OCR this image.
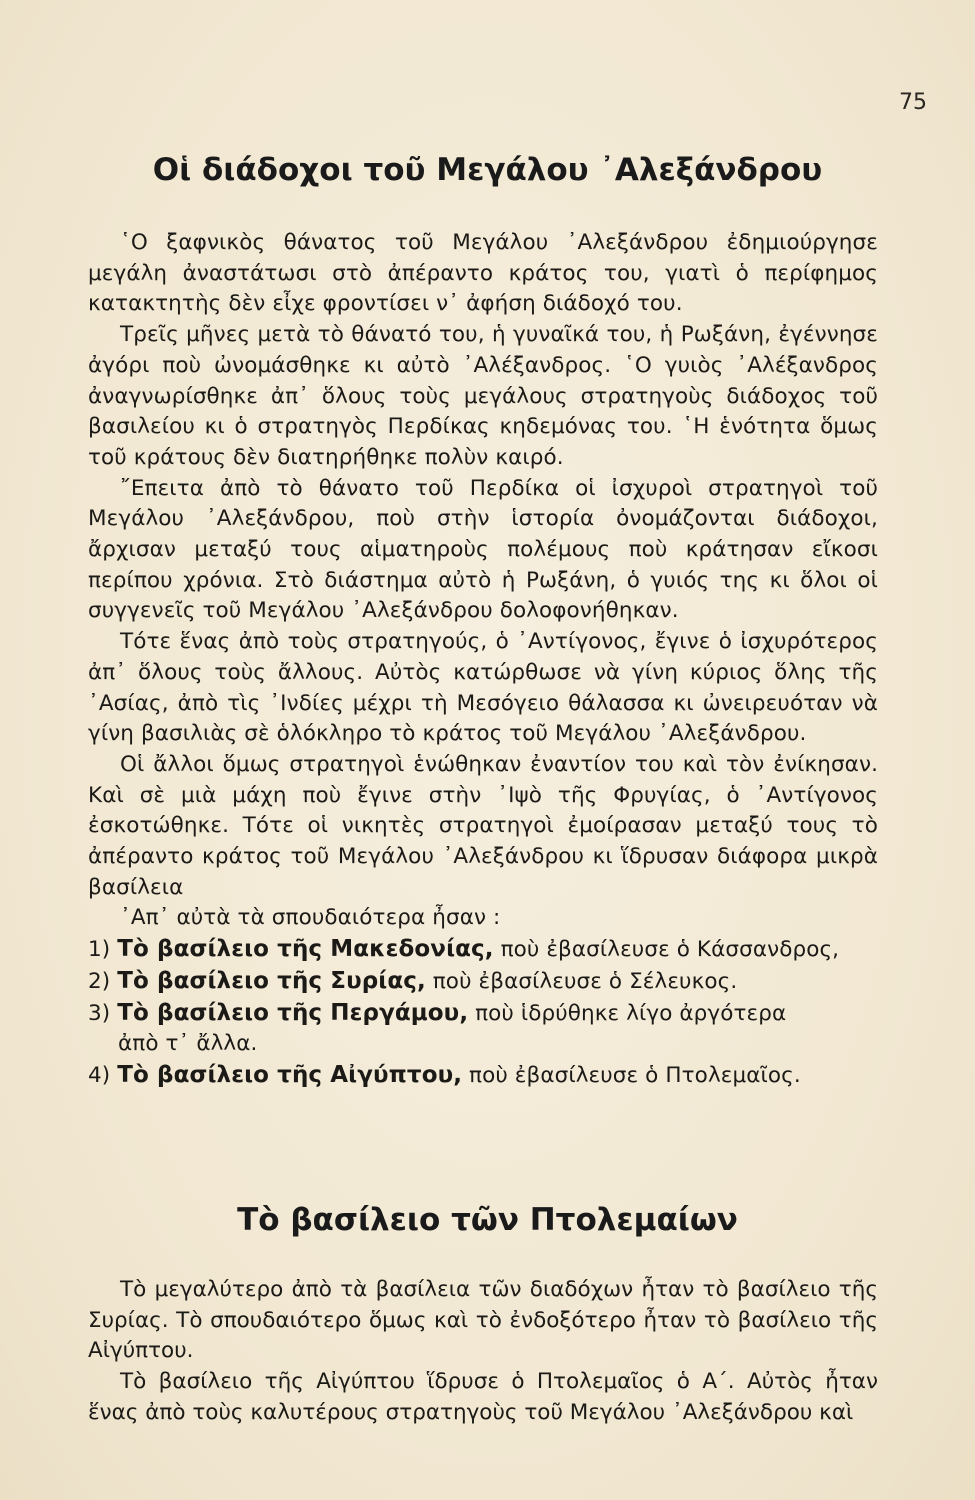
75
Οἱ διάδοχοι τοῦ Μεγάλου ᾿Αλεξάνδρου

῾Ο ξαφνικὸς θάνατος τοῦ Μεγάλου ᾿Αλεξάνδρου ἐδημιούργησε μεγάλη ἀναστάτωσι στὸ ἀπέραντο κράτος του, γιατὶ ὁ περίφημος κατακτητὴς δὲν εἶχε φροντίσει ν᾿ ἀφήση διάδοχό του.

Τρεῖς μῆνες μετὰ τὸ θάνατό του, ἡ γυναῖκά του, ἡ Ρωξάνη, ἐγέννησε ἀγόρι ποὺ ὠνομάσθηκε κι αὐτὸ ᾿Αλέξανδρος. ῾Ο γυιὸς ᾿Αλέξανδρος ἀναγνωρίσθηκε ἀπ᾿ ὅλους τοὺς μεγάλους στρατηγοὺς διάδοχος τοῦ βασιλείου κι ὁ στρατηγὸς Περδίκας κηδεμόνας του. ῾Η ἑνότητα ὅμως τοῦ κράτους δὲν διατηρήθηκε πολὺν καιρό.

῎Επειτα ἀπὸ τὸ θάνατο τοῦ Περδίκα οἱ ἰσχυροὶ στρατηγοὶ τοῦ Μεγάλου ᾿Αλεξάνδρου, ποὺ στὴν ἱστορία ὀνομάζονται διάδοχοι, ἄρχισαν μεταξύ τους αἱματηροὺς πολέμους ποὺ κράτησαν εἴκοσι περίπου χρόνια. Στὸ διάστημα αὐτὸ ἡ Ρωξάνη, ὁ γυιός της κι ὅλοι οἱ συγγενεῖς τοῦ Μεγάλου ᾿Αλεξάνδρου δολοφονήθηκαν.

Τότε ἕνας ἀπὸ τοὺς στρατηγούς, ὁ ᾿Αντίγονος, ἔγινε ὁ ἰσχυρότερος ἀπ᾿ ὅλους τοὺς ἄλλους. Αὐτὸς κατώρθωσε νὰ γίνη κύριος ὅλης τῆς ᾿Ασίας, ἀπὸ τὶς ᾿Ινδίες μέχρι τὴ Μεσόγειο θάλασσα κι ὠνειρευόταν νὰ γίνη βασιλιὰς σὲ ὁλόκληρο τὸ κράτος τοῦ Μεγάλου ᾿Αλεξάνδρου.

Οἱ ἄλλοι ὅμως στρατηγοὶ ἑνώθηκαν ἐναντίον του καὶ τὸν ἐνίκησαν. Καὶ σὲ μιὰ μάχη ποὺ ἔγινε στὴν ᾿Ιψὸ τῆς Φρυγίας, ὁ ᾿Αντίγονος ἐσκοτώθηκε. Τότε οἱ νικητὲς στρατηγοὶ ἐμοίρασαν μεταξύ τους τὸ ἀπέραντο κράτος τοῦ Μεγάλου ᾿Αλεξάνδρου κι ἵδρυσαν διάφορα μικρὰ βασίλεια

᾿Απ᾿ αὐτὰ τὰ σπουδαιότερα ἦσαν :

1) Τὸ βασίλειο τῆς Μακεδονίας, ποὺ ἐβασίλευσε ὁ Κάσσανδρος,
2) Τὸ βασίλειο τῆς Συρίας, ποὺ ἐβασίλευσε ὁ Σέλευκος.
3) Τὸ βασίλειο τῆς Περγάμου, ποὺ ἱδρύθηκε λίγο ἀργότερα
ἀπὸ τ᾿ ἄλλα.
4) Τὸ βασίλειο τῆς Αἰγύπτου, ποὺ ἐβασίλευσε ὁ Πτολεμαῖος.
Τὸ βασίλειο τῶν Πτολεμαίων

Τὸ μεγαλύτερο ἀπὸ τὰ βασίλεια τῶν διαδόχων ἦταν τὸ βασίλειο τῆς Συρίας. Τὸ σπουδαιότερο ὅμως καὶ τὸ ἐνδοξότερο ἦταν τὸ βασίλειο τῆς Αἰγύπτου.

Τὸ βασίλειο τῆς Αἰγύπτου ἵδρυσε ὁ Πτολεμαῖος ὁ Α΄. Αὐτὸς ἦταν ἕνας ἀπὸ τοὺς καλυτέρους στρατηγοὺς τοῦ Μεγάλου ᾿Αλεξάνδρου καὶ
